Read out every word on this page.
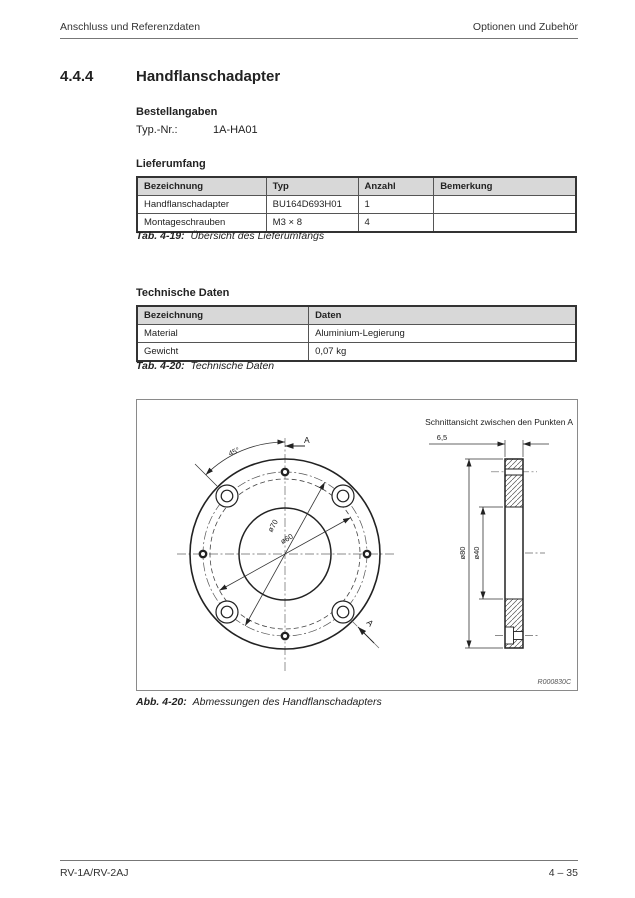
Anschluss und Referenzdaten	Optionen und Zubehör
4.4.4	Handflanschadapter
Bestellangaben
Typ.-Nr.:	1A-HA01
Lieferumfang
Bezeichnung	Typ	Anzahl	Bemerkung
Handflanschadapter	BU164D693H01	1	
Montageschrauben	M3 × 8	4	
Tab. 4-19: Übersicht des Lieferumfangs
Technische Daten
Bezeichnung	Daten
Material	Aluminium-Legierung
Gewicht	0,07 kg
Tab. 4-20: Technische Daten
ø70
ø60
45°
A
A
ø80 ø40
6,5
Schnittansicht zwischen den Punkten A
R000830C
Abb. 4-20: Abmessungen des Handflanschadapters
RV-1A/RV-2AJ	4 – 35
